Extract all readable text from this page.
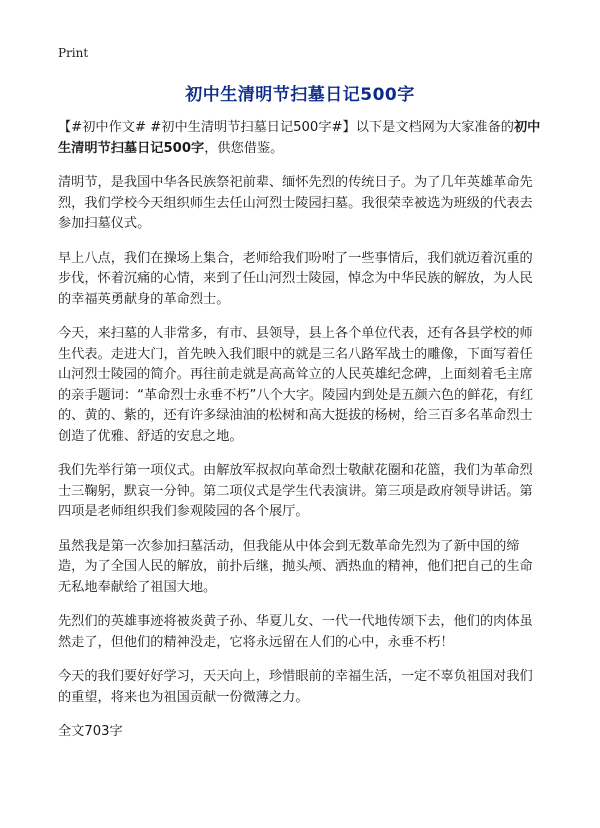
Print
初中生清明节扫墓日记500字

【#初中作文# #初中生清明节扫墓日记500字#】以下是文档网为大家准备的初中生清明节扫墓日记500字，供您借鉴。

清明节，是我国中华各民族祭祀前辈、缅怀先烈的传统日子。为了几年英雄革命先烈，我们学校今天组织师生去任山河烈士陵园扫墓。我很荣幸被选为班级的代表去参加扫墓仪式。

早上八点，我们在操场上集合，老师给我们吩咐了一些事情后，我们就迈着沉重的步伐，怀着沉痛的心情，来到了任山河烈士陵园，悼念为中华民族的解放，为人民的幸福英勇献身的革命烈士。

今天，来扫墓的人非常多，有市、县领导，县上各个单位代表，还有各县学校的师生代表。走进大门，首先映入我们眼中的就是三名八路军战士的雕像，下面写着任山河烈士陵园的简介。再往前走就是高高耸立的人民英雄纪念碑，上面刻着毛主席的亲手题词：“革命烈士永垂不朽”八个大字。陵园内到处是五颜六色的鲜花，有红的、黄的、紫的，还有许多绿油油的松树和高大挺拔的杨树，给三百多名革命烈士创造了优雅、舒适的安息之地。

我们先举行第一项仪式。由解放军叔叔向革命烈士敬献花圈和花篮，我们为革命烈士三鞠躬，默哀一分钟。第二项仪式是学生代表演讲。第三项是政府领导讲话。第四项是老师组织我们参观陵园的各个展厅。

虽然我是第一次参加扫墓活动，但我能从中体会到无数革命先烈为了新中国的缔造，为了全国人民的解放，前扑后继，抛头颅、洒热血的精神，他们把自己的生命无私地奉献给了祖国大地。

先烈们的英雄事迹将被炎黄子孙、华夏儿女、一代一代地传颂下去，他们的肉体虽然走了，但他们的精神没走，它将永远留在人们的心中，永垂不朽！

今天的我们要好好学习，天天向上，珍惜眼前的幸福生活，一定不辜负祖国对我们的重望，将来也为祖国贡献一份微薄之力。

全文703字
